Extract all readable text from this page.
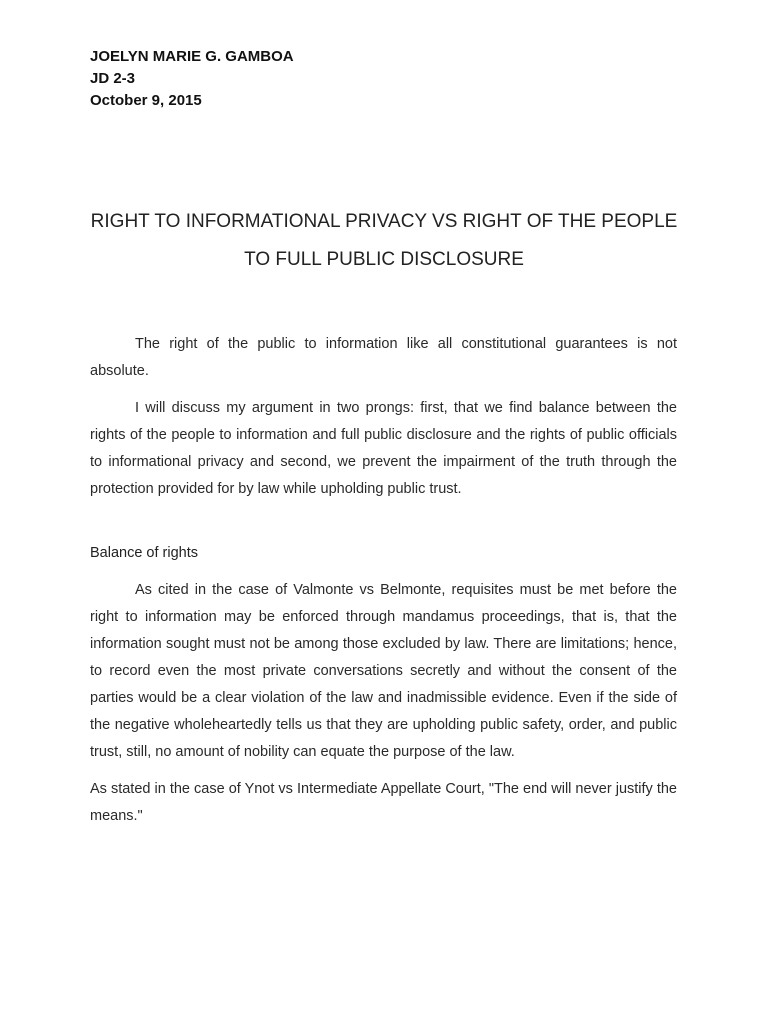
JOELYN MARIE G. GAMBOA
JD 2-3
October 9, 2015
RIGHT TO INFORMATIONAL PRIVACY VS RIGHT OF THE PEOPLE
TO FULL PUBLIC DISCLOSURE

The right of the public to information like all constitutional guarantees is not absolute.

I will discuss my argument in two prongs: first, that we find balance between the rights of the people to information and full public disclosure and the rights of public officials to informational privacy and second, we prevent the impairment of the truth through the protection provided for by law while upholding public trust.

Balance of rights

As cited in the case of Valmonte vs Belmonte, requisites must be met before the right to information may be enforced through mandamus proceedings, that is, that the information sought must not be among those excluded by law. There are limitations; hence, to record even the most private conversations secretly and without the consent of the parties would be a clear violation of the law and inadmissible evidence. Even if the side of the negative wholeheartedly tells us that they are upholding public safety, order, and public trust, still, no amount of nobility can equate the purpose of the law.

As stated in the case of Ynot vs Intermediate Appellate Court, "The end will never justify the means."
